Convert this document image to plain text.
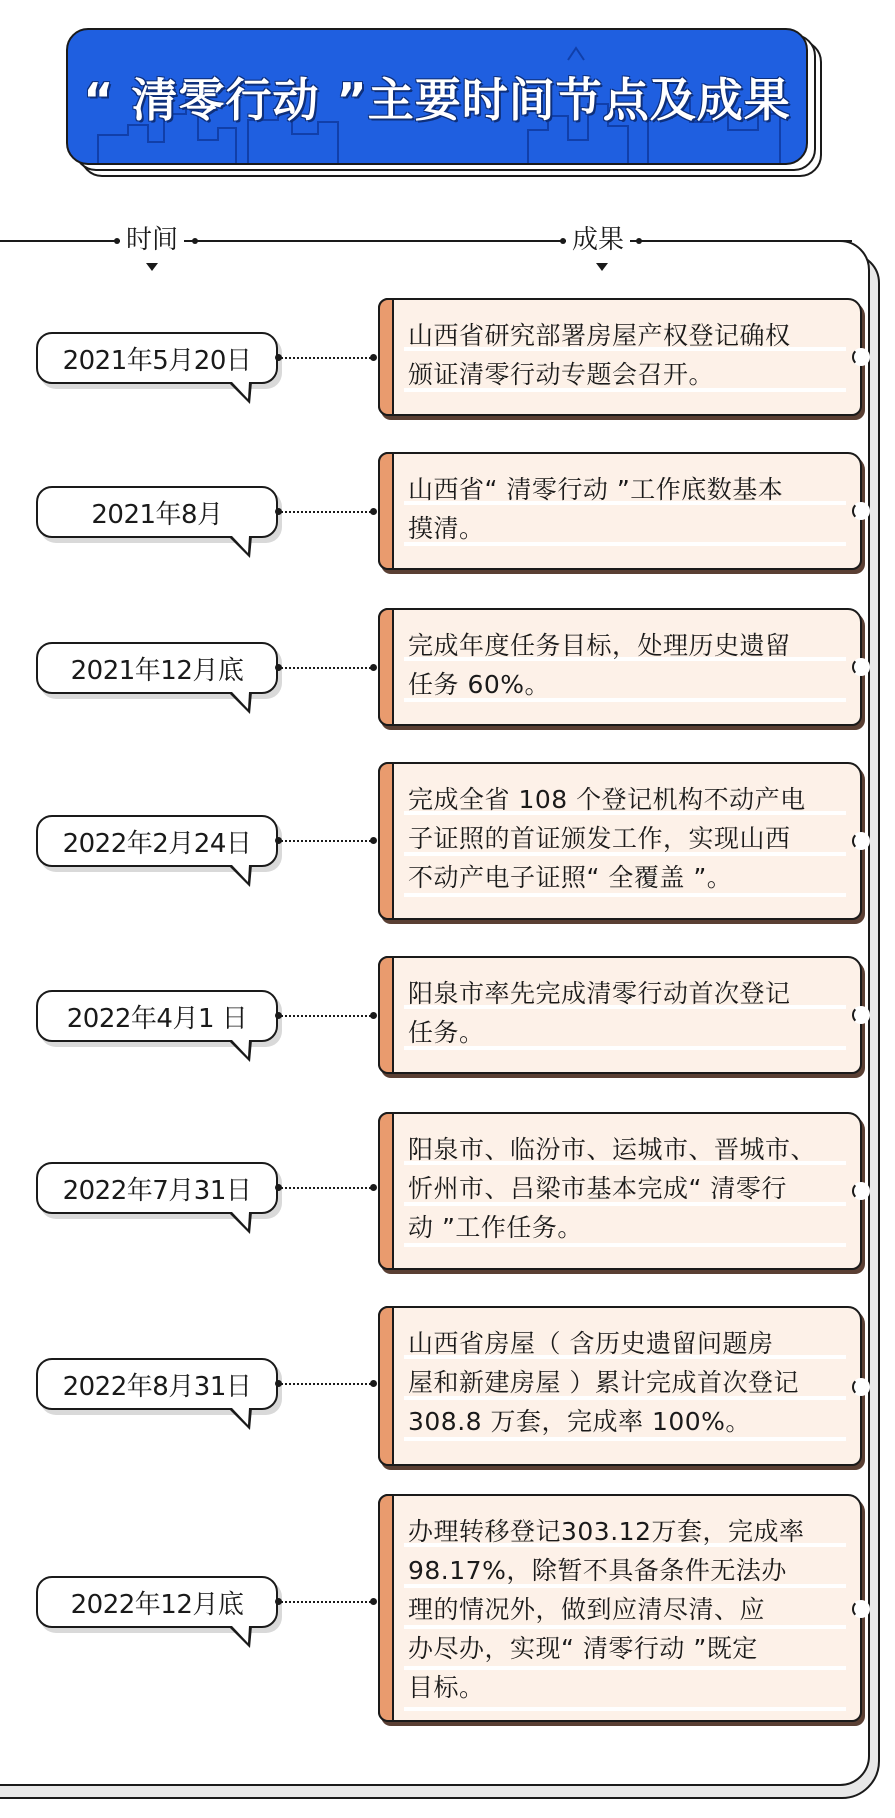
“ 清零行动 ”主要时间节点及成果
时间	成果
2021年5月20日
山西省研究部署房屋产权登记确权
颁证清零行动专题会召开。
2021年8月
山西省“ 清零行动 ”工作底数基本
摸清。
2021年12月底
完成年度任务目标，处理历史遗留
任务 60%。
2022年2月24日
完成全省 108 个登记机构不动产电
子证照的首证颁发工作，实现山西
不动产电子证照“ 全覆盖 ”。
2022年4月1 日
阳泉市率先完成清零行动首次登记
任务。
2022年7月31日
阳泉市、临汾市、运城市、晋城市、
忻州市、吕梁市基本完成“ 清零行
动 ”工作任务。
2022年8月31日
山西省房屋（ 含历史遗留问题房
屋和新建房屋 ）累计完成首次登记
308.8 万套，完成率 100%。
2022年12月底
办理转移登记303.12万套，完成率
98.17%，除暂不具备条件无法办
理的情况外，做到应清尽清、应
办尽办，实现“ 清零行动 ”既定
目标。
